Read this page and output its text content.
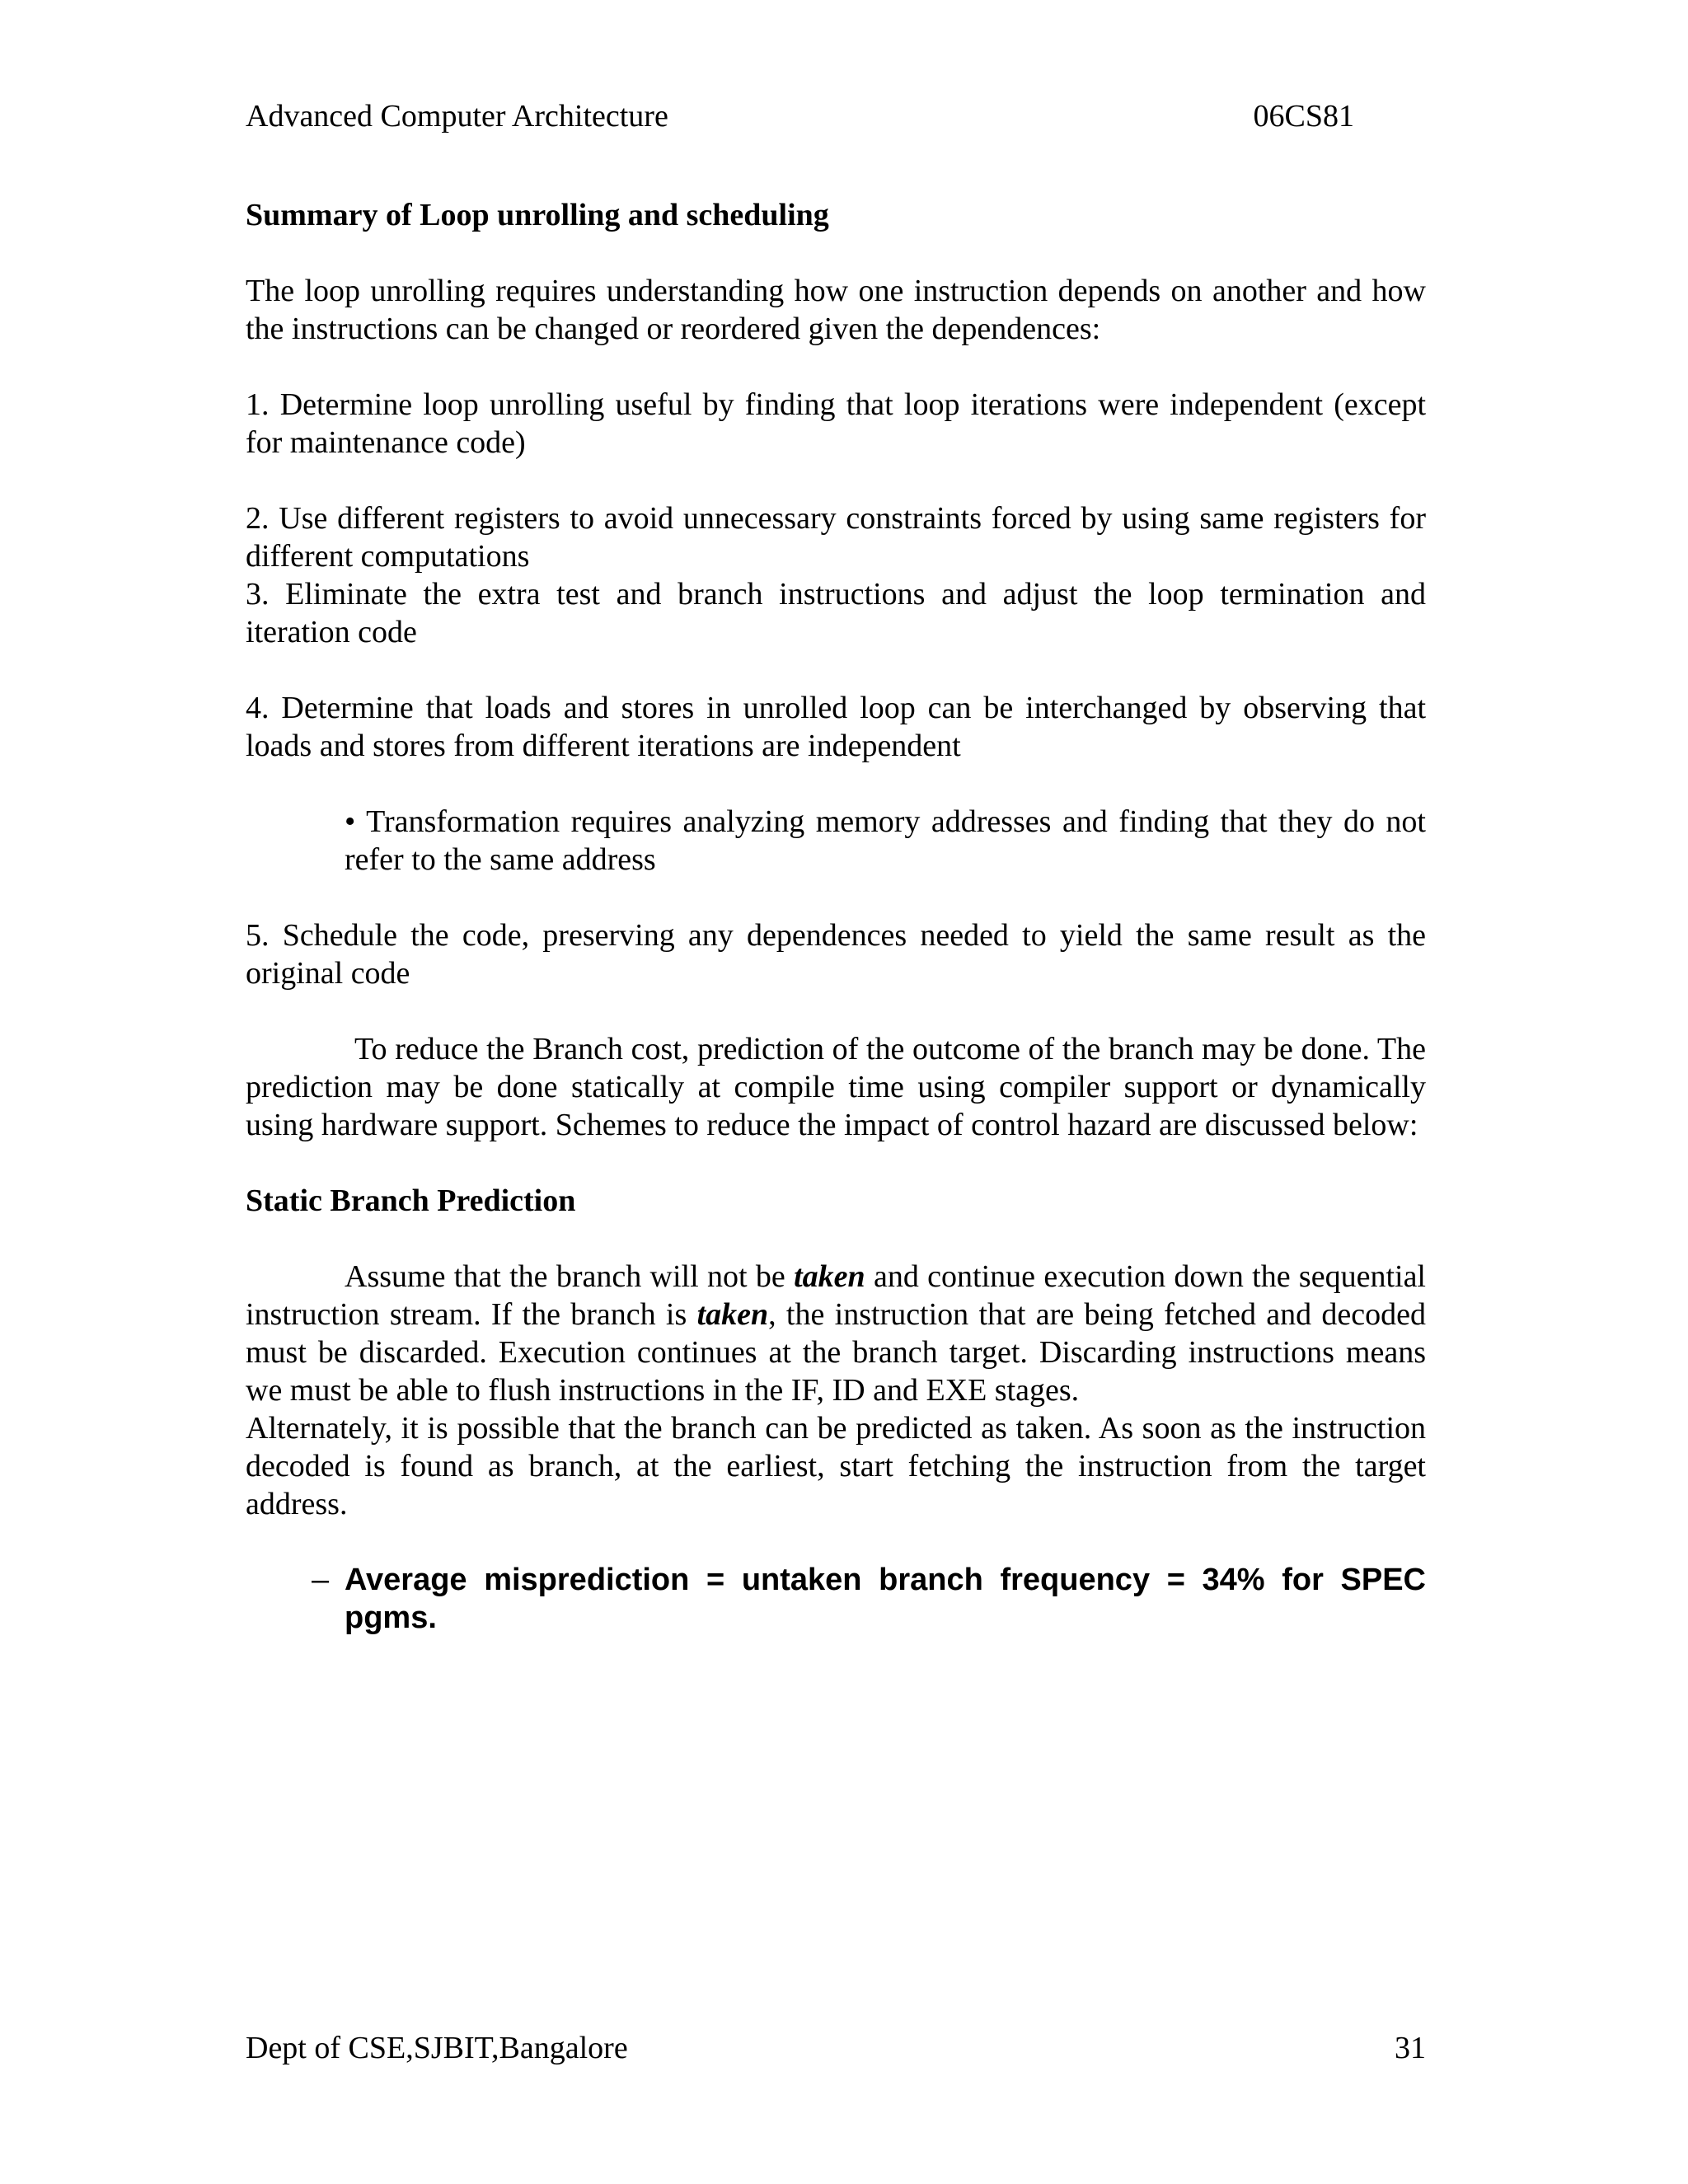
Advanced Computer Architecture	06CS81
Summary of Loop unrolling and scheduling

The loop unrolling requires understanding how one instruction depends on another and how the instructions can be changed or reordered given the dependences:

1. Determine loop unrolling useful by finding that loop iterations were independent (except for maintenance code)

2. Use different registers to avoid unnecessary constraints forced by using same registers for different computations

3. Eliminate the extra test and branch instructions and adjust the loop termination and iteration code

4. Determine that loads and stores in unrolled loop can be interchanged by observing that loads and stores from different iterations are independent

• Transformation requires analyzing memory addresses and finding that they do not refer to the same address

5. Schedule the code, preserving any dependences needed to yield the same result as the original code

To reduce the Branch cost, prediction of the outcome of the branch may be done. The prediction may be done statically at compile time using compiler support or dynamically using hardware support. Schemes to reduce the impact of control hazard are discussed below:

Static Branch Prediction

Assume that the branch will not be taken and continue execution down the sequential instruction stream. If the branch is taken, the instruction that are being fetched and decoded must be discarded. Execution continues at the branch target. Discarding instructions means we must be able to flush instructions in the IF, ID and EXE stages.

Alternately, it is possible that the branch can be predicted as taken. As soon as the instruction decoded is found as branch, at the earliest, start fetching the instruction from the target address.

– Average misprediction = untaken branch frequency = 34% for SPEC pgms.
Dept of CSE,SJBIT,Bangalore	31
